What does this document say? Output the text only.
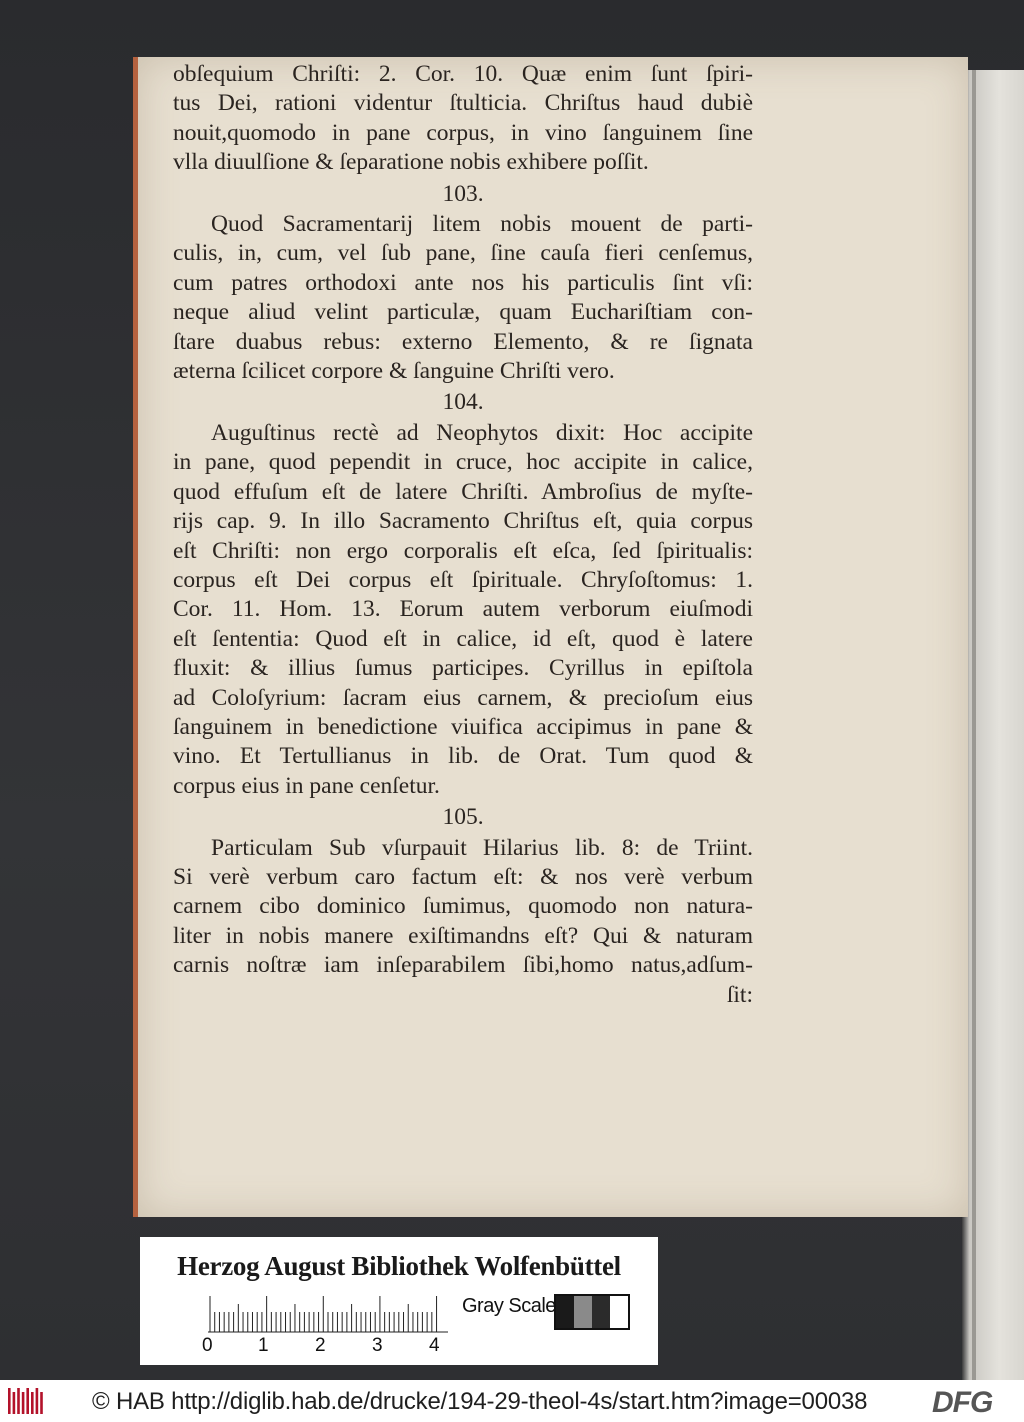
obſequium Chriſti: 2. Cor. 10. Quæ enim ſunt ſpiri-

tus Dei, rationi videntur ſtulticia. Chriſtus haud dubiè

nouit,quomodo in pane corpus, in vino ſanguinem ſine

vlla diuulſione & ſeparatione nobis exhibere poſſit.

103.

Quod Sacramentarij litem nobis mouent de parti-

culis, in, cum, vel ſub pane, ſine cauſa fieri cenſemus,

cum patres orthodoxi ante nos his particulis ſint vſi:

neque aliud velint particulæ, quam Euchariſtiam con-

ſtare duabus rebus: externo Elemento, & re ſignata

æterna ſcilicet corpore & ſanguine Chriſti vero.

104.

Auguſtinus rectè ad Neophytos dixit: Hoc accipite

in pane, quod pependit in cruce, hoc accipite in calice,

quod effuſum eſt de latere Chriſti. Ambroſius de myſte-

rijs cap. 9. In illo Sacramento Chriſtus eſt, quia corpus

eſt Chriſti: non ergo corporalis eſt eſca, ſed ſpiritualis:

corpus eſt Dei corpus eſt ſpirituale. Chryſoſtomus: 1.

Cor. 11. Hom. 13. Eorum autem verborum eiuſmodi

eſt ſententia: Quod eſt in calice, id eſt, quod è latere

fluxit: & illius ſumus participes. Cyrillus in epiſtola

ad Coloſyrium: ſacram eius carnem, & precioſum eius

ſanguinem in benedictione viuifica accipimus in pane &

vino. Et Tertullianus in lib. de Orat. Tum quod &

corpus eius in pane cenſetur.

105.

Particulam Sub vſurpauit Hilarius lib. 8: de Triint.

Si verè verbum caro factum eſt: & nos verè verbum

carnem cibo dominico ſumimus, quomodo non natura-

liter in nobis manere exiſtimandns eſt? Qui & naturam

carnis noſtræ iam inſeparabilem ſibi,homo natus,adſum-

ſit:
Herzog August Bibliothek Wolfenbüttel
0 1 2 3 4
Gray Scale
© HAB http://diglib.hab.de/drucke/194-29-theol-4s/start.htm?image=00038 DFG
